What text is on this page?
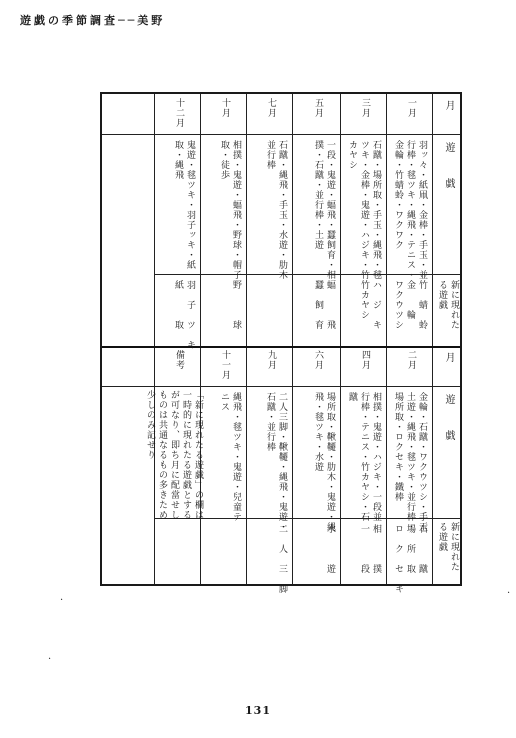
遊戯の季節調査──美野
月
遊　　戯
新に現れた
る遊戯
月
遊　　戯
新に現れた
る遊戯
一月
羽ッ々・紙凧・金棒・手玉・並
行棒・毬ツキ・縄飛・テニス・
金輪・竹蜻蛉・ワクワク
竹　蜻　蛉
金　　輪
ワクウツシ
三月
石蹴・場所取・手玉・縄飛・毬
ツキ・金棒・鬼遊・ハジキ・竹
カヤシ
ハ　ジ　キ
竹カヤシ
五月
一段・鬼遊・蝠飛・蠶飼育・相
撲・石蹴・並行棒・土遊
蝠　　　飛
蠶　飼　育
七月
石蹴・縄飛・手玉・水遊・肋木
並行棒
十月
相撲・鬼遊・蝠飛・野球・帽子
取・徒歩
野　　　球
十二月
鬼遊・毬ツキ・羽子ッキ・紙
取・縄飛
羽　子　ツ　キ
紙　　　取
二月
金輪・石蹴・ワクウツシ・手玉
土遊・縄飛・毬ツキ・並行棒・
場所取・ロクセキ・鐵棒
石　　　蹴
場　所　取
ロ　ク　セ　キ
四月
相撲・鬼遊・ハジキ・一段並
行棒・テニス・竹カヤシ・石
蹴
相　　　撲
一　　　段
六月
場所取・鞦韆・肋木・鬼遊・縄
飛・毬ツキ・水遊
水　　　遊
九月
二人三脚・鞦韆・縄飛・鬼遊・
石蹴・並行棒
二　人　三　脚
十一月
縄飛・毬ツキ・鬼遊・兒童テ
ニス
備考
「新に現れたる遊戯」の欄は
一時的に現れたる遊戯とする
が可なり、即ち月に配當せし
ものは共通なるもの多きため
少しのみ記せり
131
·
·
·
